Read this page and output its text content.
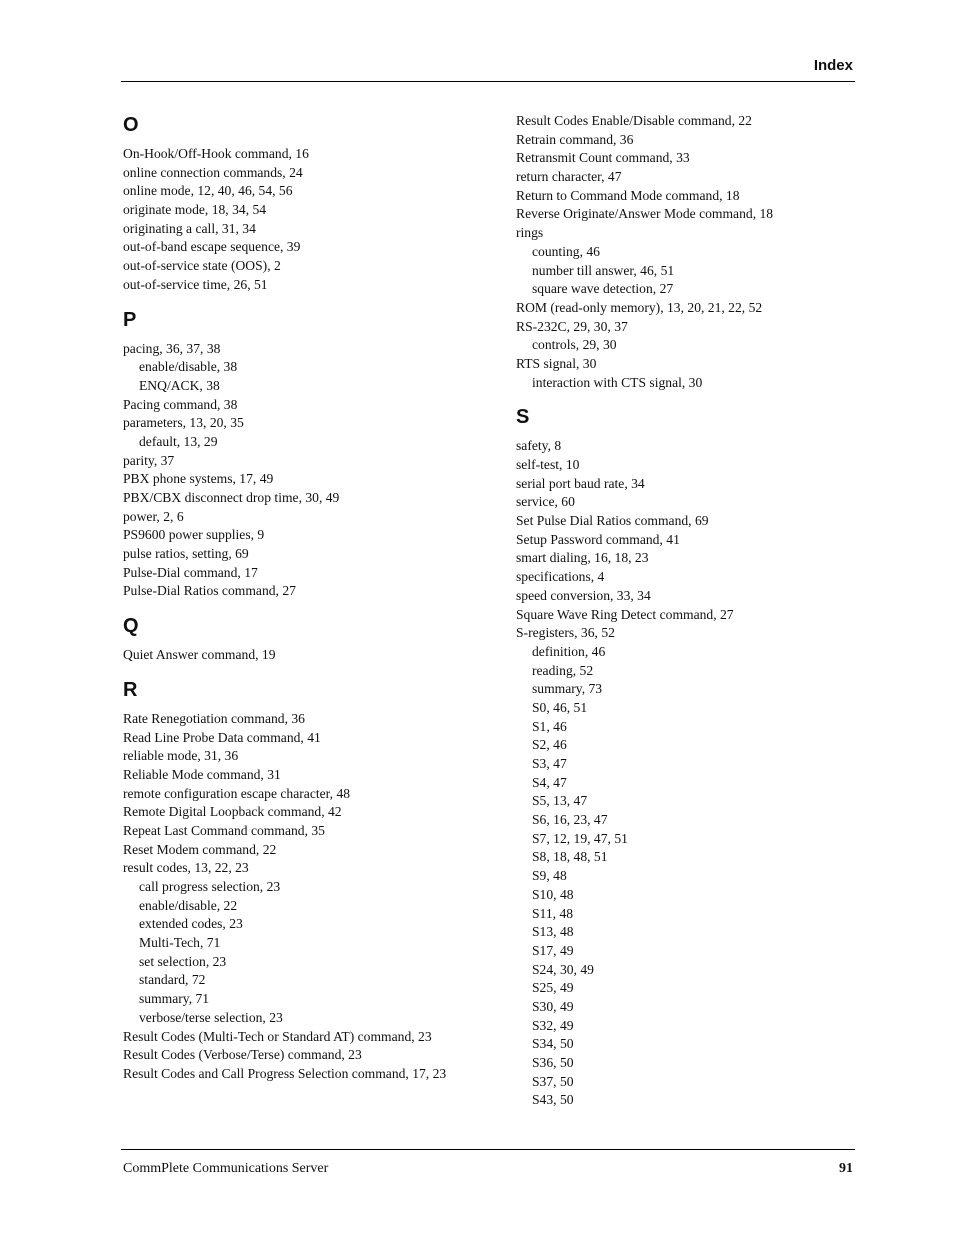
Index
O
On-Hook/Off-Hook command, 16
online connection commands, 24
online mode, 12, 40, 46, 54, 56
originate mode, 18, 34, 54
originating a call, 31, 34
out-of-band escape sequence, 39
out-of-service state (OOS), 2
out-of-service time, 26, 51
P
pacing, 36, 37, 38
enable/disable, 38
ENQ/ACK, 38
Pacing command, 38
parameters, 13, 20, 35
default, 13, 29
parity, 37
PBX phone systems, 17, 49
PBX/CBX disconnect drop time, 30, 49
power, 2, 6
PS9600 power supplies, 9
pulse ratios, setting, 69
Pulse-Dial command, 17
Pulse-Dial Ratios command, 27
Q
Quiet Answer command, 19
R
Rate Renegotiation command, 36
Read Line Probe Data command, 41
reliable mode, 31, 36
Reliable Mode command, 31
remote configuration escape character, 48
Remote Digital Loopback command, 42
Repeat Last Command command, 35
Reset Modem command, 22
result codes, 13, 22, 23
call progress selection, 23
enable/disable, 22
extended codes, 23
Multi-Tech, 71
set selection, 23
standard, 72
summary, 71
verbose/terse selection, 23
Result Codes (Multi-Tech or Standard AT) command, 23
Result Codes (Verbose/Terse) command, 23
Result Codes and Call Progress Selection command, 17, 23
Result Codes Enable/Disable command, 22
Retrain command, 36
Retransmit Count command, 33
return character, 47
Return to Command Mode command, 18
Reverse Originate/Answer Mode command, 18
rings
counting, 46
number till answer, 46, 51
square wave detection, 27
ROM (read-only memory), 13, 20, 21, 22, 52
RS-232C, 29, 30, 37
controls, 29, 30
RTS signal, 30
interaction with CTS signal, 30
S
safety, 8
self-test, 10
serial port baud rate, 34
service, 60
Set Pulse Dial Ratios command, 69
Setup Password command, 41
smart dialing, 16, 18, 23
specifications, 4
speed conversion, 33, 34
Square Wave Ring Detect command, 27
S-registers, 36, 52
definition, 46
reading, 52
summary, 73
S0, 46, 51
S1, 46
S2, 46
S3, 47
S4, 47
S5, 13, 47
S6, 16, 23, 47
S7, 12, 19, 47, 51
S8, 18, 48, 51
S9, 48
S10, 48
S11, 48
S13, 48
S17, 49
S24, 30, 49
S25, 49
S30, 49
S32, 49
S34, 50
S36, 50
S37, 50
S43, 50
CommPlete Communications Server	91
